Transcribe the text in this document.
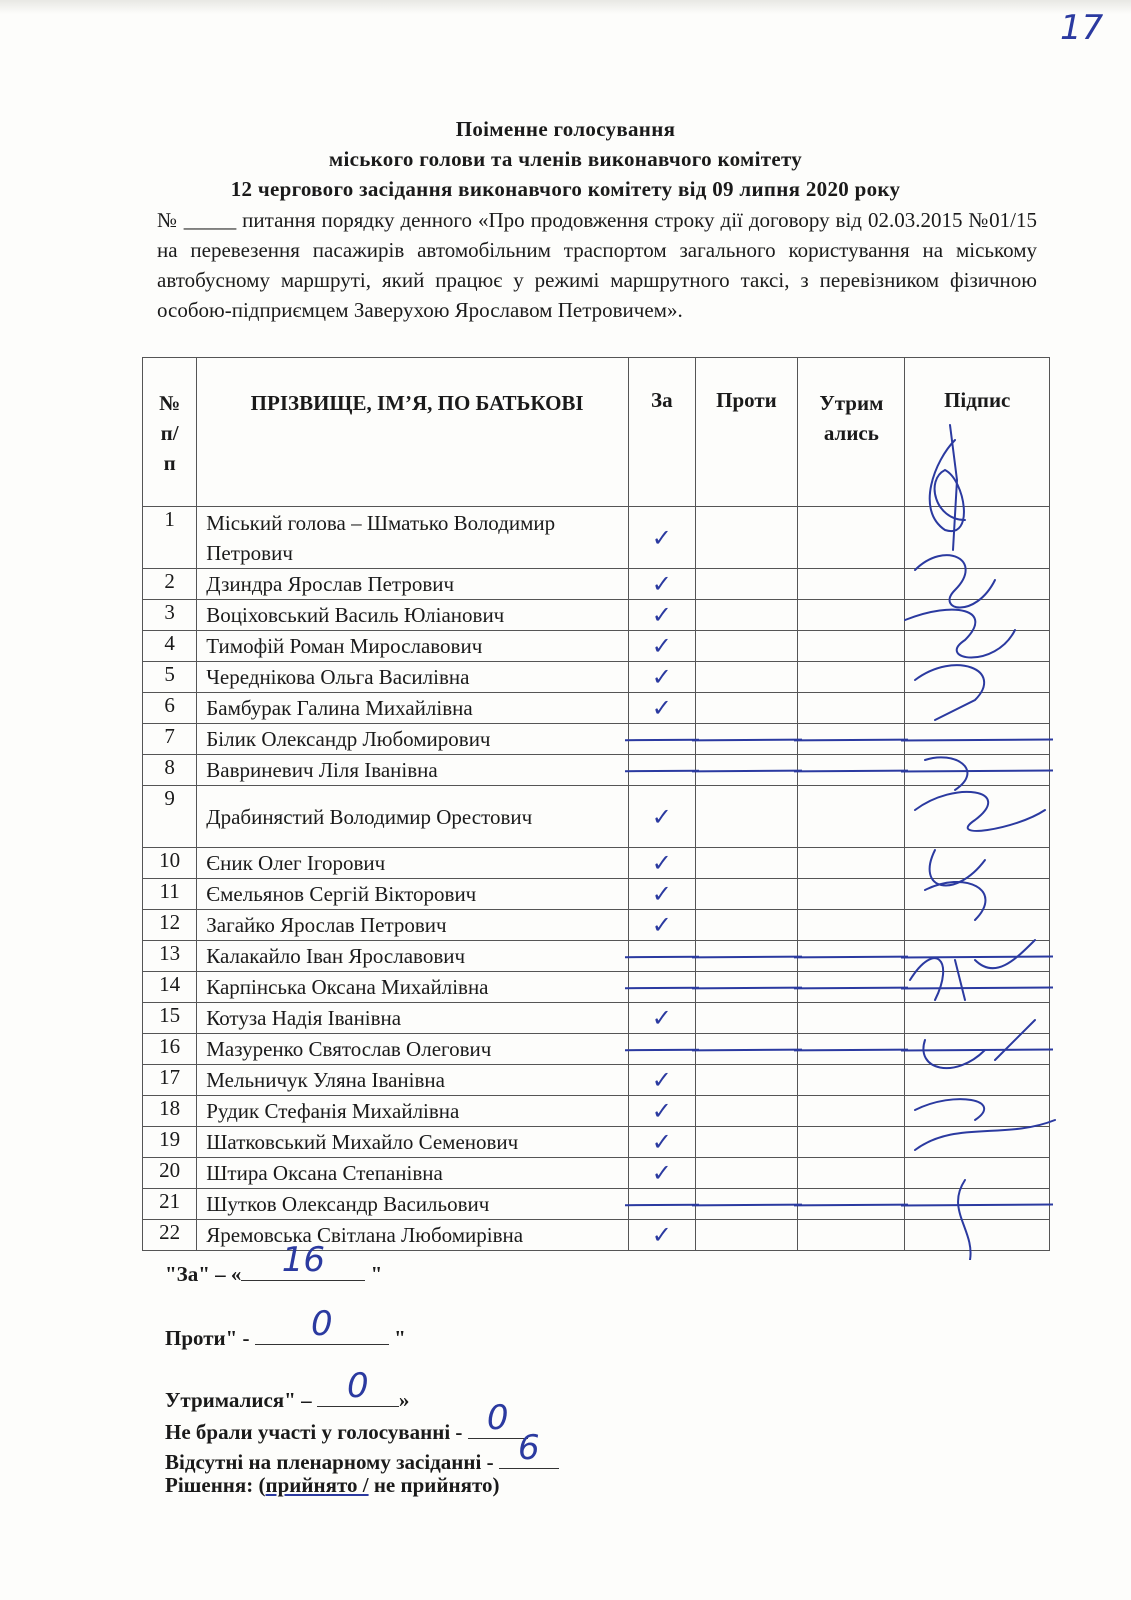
17
Поіменне голосування
міського голови та членів виконавчого комітету
12 чергового засідання виконавчого комітету від 09 липня 2020 року
№ _____ питання порядку денного «Про продовження строку дії договору від 02.03.2015 №01/15 на перевезення пасажирів автомобільним траспортом загального користування на міському автобусному маршруті, який працює у режимі маршрутного таксі, з перевізником фізичною особою-підприємцем Заверухою Ярославом Петровичем».
№ п/п	ПРІЗВИЩЕ, ІМ’Я, ПО БАТЬКОВІ	За	Проти	Утрим ались	Підпис
1	Міський голова – Шматько Володимир Петрович	✓			
2	Дзиндра Ярослав Петрович	✓			
3	Воціховський Василь Юліанович	✓			
4	Тимофій Роман Мирославович	✓			
5	Череднікова Ольга Василівна	✓			
6	Бамбурак Галина Михайлівна	✓			
7	Білик Олександр Любомирович				

8	Вавриневич Ліля Іванівна				

9	Драбинястий Володимир Орестович	✓			
10	Єник Олег Ігорович	✓			
11	Ємельянов Сергій Вікторович	✓			
12	Загайко Ярослав Петрович	✓			
13	Калакайло Іван Ярославович				

14	Карпінська Оксана Михайлівна				

15	Котуза Надія Іванівна	✓			
16	Мазуренко Святослав Олегович				

17	Мельничук Уляна Іванівна	✓			
18	Рудик Стефанія Михайлівна	✓			
19	Шатковський Михайло Семенович	✓			
20	Штира Оксана Степанівна	✓			
21	Шутков Олександр Васильович				

22	Яремовська Світлана Любомирівна	✓			
"За" – «	16	"
Проти" -	0	"
Утрималися" – 0	»
Не брали участі у голосуванні - 0
Відсутні на пленарному засіданні - 6
Рішення: (прийнято / не прийнято)
